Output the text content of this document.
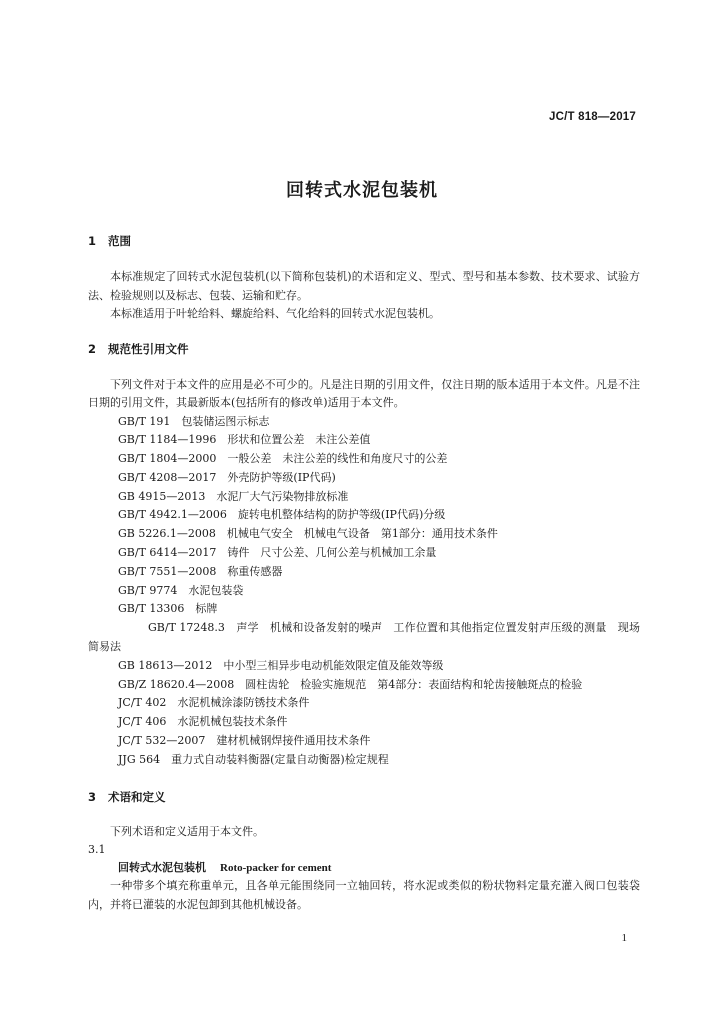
JC/T 818—2017
回转式水泥包装机
1 范围
本标准规定了回转式水泥包装机(以下简称包装机)的术语和定义、型式、型号和基本参数、技术要求、试验方法、检验规则以及标志、包装、运输和贮存。
本标准适用于叶轮给料、螺旋给料、气化给料的回转式水泥包装机。
2 规范性引用文件
下列文件对于本文件的应用是必不可少的。凡是注日期的引用文件，仅注日期的版本适用于本文件。凡是不注日期的引用文件，其最新版本(包括所有的修改单)适用于本文件。
GB/T 191　 包装储运图示标志
GB/T 1184—1996　 形状和位置公差　未注公差值
GB/T 1804—2000　 一般公差　未注公差的线性和角度尺寸的公差
GB/T 4208—2017　 外壳防护等级(IP代码)
GB 4915—2013　 水泥厂大气污染物排放标准
GB/T 4942.1—2006　 旋转电机整体结构的防护等级(IP代码)分级
GB 5226.1—2008　 机械电气安全　机械电气设备　第1部分：通用技术条件
GB/T 6414—2017　 铸件　尺寸公差、几何公差与机械加工余量
GB/T 7551—2008　 称重传感器
GB/T 9774　 水泥包装袋
GB/T 13306　 标牌
GB/T 17248.3　 声学　机械和设备发射的噪声　工作位置和其他指定位置发射声压级的测量　现场简易法
GB 18613—2012　 中小型三相异步电动机能效限定值及能效等级
GB/Z 18620.4—2008　 圆柱齿轮　检验实施规范　第4部分：表面结构和轮齿接触斑点的检验
JC/T 402　 水泥机械涂漆防锈技术条件
JC/T 406　 水泥机械包装技术条件
JC/T 532—2007　 建材机械钢焊接件通用技术条件
JJG 564　 重力式自动装料衡器(定量自动衡器)检定规程
3 术语和定义
下列术语和定义适用于本文件。
3.1
回转式水泥包装机 Roto-packer for cement
一种带多个填充称重单元，且各单元能围绕同一立轴回转，将水泥或类似的粉状物料定量充灌入阀口包装袋内，并将已灌装的水泥包卸到其他机械设备。
1
